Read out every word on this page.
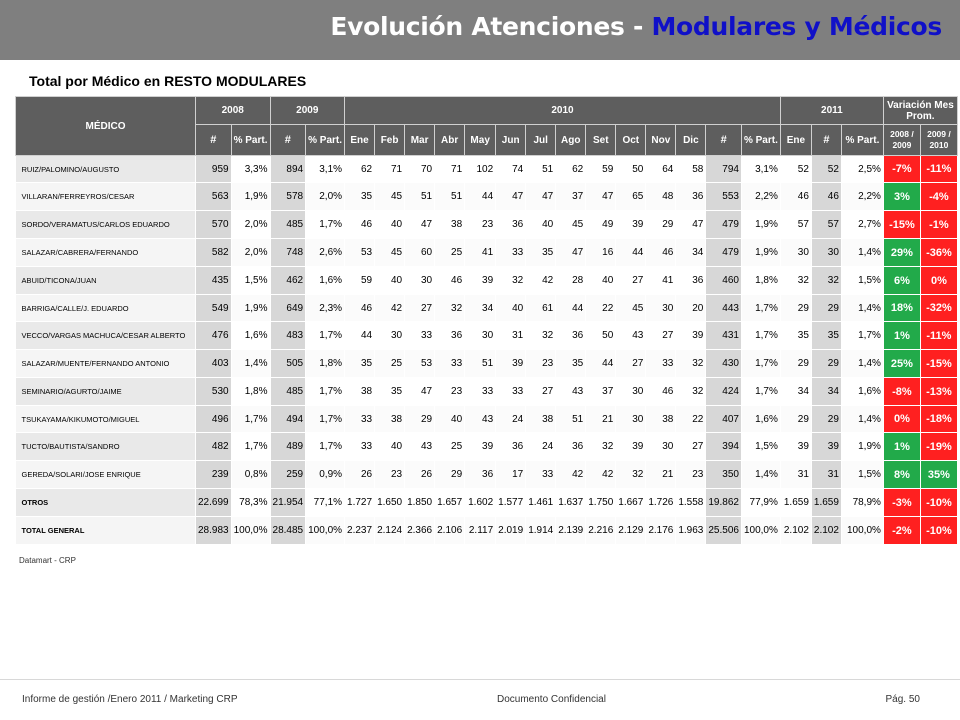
Evolución Atenciones - Modulares y Médicos
Total por Médico en RESTO MODULARES
MÉDICO	2008		2009		2010														2011			Variación Mes Prom.	
	#	% Part.	#	% Part.	Ene	Feb	Mar	Abr	May	Jun	Jul	Ago	Set	Oct	Nov	Dic	#	% Part.	Ene	#	% Part.	2008 / 2009	2009 / 2010
RUIZ/PALOMINO/AUGUSTO	959	3,3%	894	3,1%	62	71	70	71	102	74	51	62	59	50	64	58	794	3,1%	52	52	2,5%	-7%	-11%
VILLARAN/FERREYROS/CESAR	563	1,9%	578	2,0%	35	45	51	51	44	47	47	37	47	65	48	36	553	2,2%	46	46	2,2%	3%	-4%
SORDO/VERAMATUS/CARLOS EDUARDO	570	2,0%	485	1,7%	46	40	47	38	23	36	40	45	49	39	29	47	479	1,9%	57	57	2,7%	-15%	-1%
SALAZAR/CABRERA/FERNANDO	582	2,0%	748	2,6%	53	45	60	25	41	33	35	47	16	44	46	34	479	1,9%	30	30	1,4%	29%	-36%
ABUID/TICONA/JUAN	435	1,5%	462	1,6%	59	40	30	46	39	32	42	28	40	27	41	36	460	1,8%	32	32	1,5%	6%	0%
BARRIGA/CALLE/J. EDUARDO	549	1,9%	649	2,3%	46	42	27	32	34	40	61	44	22	45	30	20	443	1,7%	29	29	1,4%	18%	-32%
VECCO/VARGAS MACHUCA/CESAR ALBERTO	476	1,6%	483	1,7%	44	30	33	36	30	31	32	36	50	43	27	39	431	1,7%	35	35	1,7%	1%	-11%
SALAZAR/MUENTE/FERNANDO ANTONIO	403	1,4%	505	1,8%	35	25	53	33	51	39	23	35	44	27	33	32	430	1,7%	29	29	1,4%	25%	-15%
SEMINARIO/AGURTO/JAIME	530	1,8%	485	1,7%	38	35	47	23	33	33	27	43	37	30	46	32	424	1,7%	34	34	1,6%	-8%	-13%
TSUKAYAMA/KIKUMOTO/MIGUEL	496	1,7%	494	1,7%	33	38	29	40	43	24	38	51	21	30	38	22	407	1,6%	29	29	1,4%	0%	-18%
TUCTO/BAUTISTA/SANDRO	482	1,7%	489	1,7%	33	40	43	25	39	36	24	36	32	39	30	27	394	1,5%	39	39	1,9%	1%	-19%
GEREDA/SOLARI/JOSE ENRIQUE	239	0,8%	259	0,9%	26	23	26	29	36	17	33	42	42	32	21	23	350	1,4%	31	31	1,5%	8%	35%
OTROS	22.699	78,3%	21.954	77,1%	1.727	1.650	1.850	1.657	1.602	1.577	1.461	1.637	1.750	1.667	1.726	1.558	19.862	77,9%	1.659	1.659	78,9%	-3%	-10%
TOTAL GENERAL	28.983	100,0%	28.485	100,0%	2.237	2.124	2.366	2.106	2.117	2.019	1.914	2.139	2.216	2.129	2.176	1.963	25.506	100,0%	2.102	2.102	100,0%	-2%	-10%
Datamart - CRP
Informe de gestión /Enero 2011 / Marketing CRP	Documento Confidencial	Pág. 50
